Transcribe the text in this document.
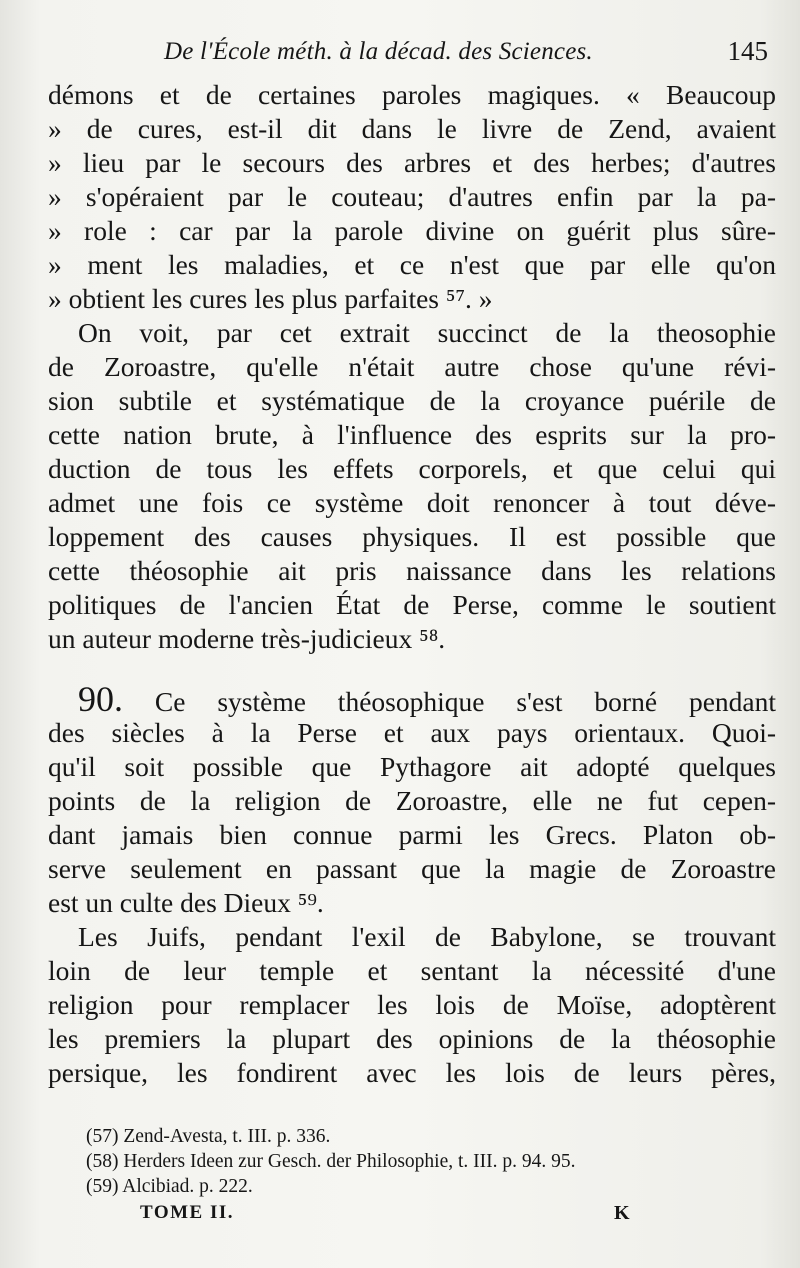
De l'École méth. à la décad. des Sciences.	145
démons et de certaines paroles magiques. « Beaucoup
» de cures, est-il dit dans le livre de Zend, avaient
» lieu par le secours des arbres et des herbes; d'autres
» s'opéraient par le couteau; d'autres enfin par la pa-
» role : car par la parole divine on guérit plus sûre-
» ment les maladies, et ce n'est que par elle qu'on
» obtient les cures les plus parfaites ⁵⁷. »
On voit, par cet extrait succinct de la theosophie
de Zoroastre, qu'elle n'était autre chose qu'une révi-
sion subtile et systématique de la croyance puérile de
cette nation brute, à l'influence des esprits sur la pro-
duction de tous les effets corporels, et que celui qui
admet une fois ce système doit renoncer à tout déve-
loppement des causes physiques. Il est possible que
cette théosophie ait pris naissance dans les relations
politiques de l'ancien État de Perse, comme le soutient
un auteur moderne très-judicieux ⁵⁸.
90. Ce système théosophique s'est borné pendant
des siècles à la Perse et aux pays orientaux. Quoi-
qu'il soit possible que Pythagore ait adopté quelques
points de la religion de Zoroastre, elle ne fut cepen-
dant jamais bien connue parmi les Grecs. Platon ob-
serve seulement en passant que la magie de Zoroastre
est un culte des Dieux ⁵⁹.
Les Juifs, pendant l'exil de Babylone, se trouvant
loin de leur temple et sentant la nécessité d'une
religion pour remplacer les lois de Moïse, adoptèrent
les premiers la plupart des opinions de la théosophie
persique, les fondirent avec les lois de leurs pères,
(57) Zend-Avesta, t. III. p. 336.
(58) Herders Ideen zur Gesch. der Philosophie, t. III. p. 94. 95.
(59) Alcibiad. p. 222.
TOME II.	K
